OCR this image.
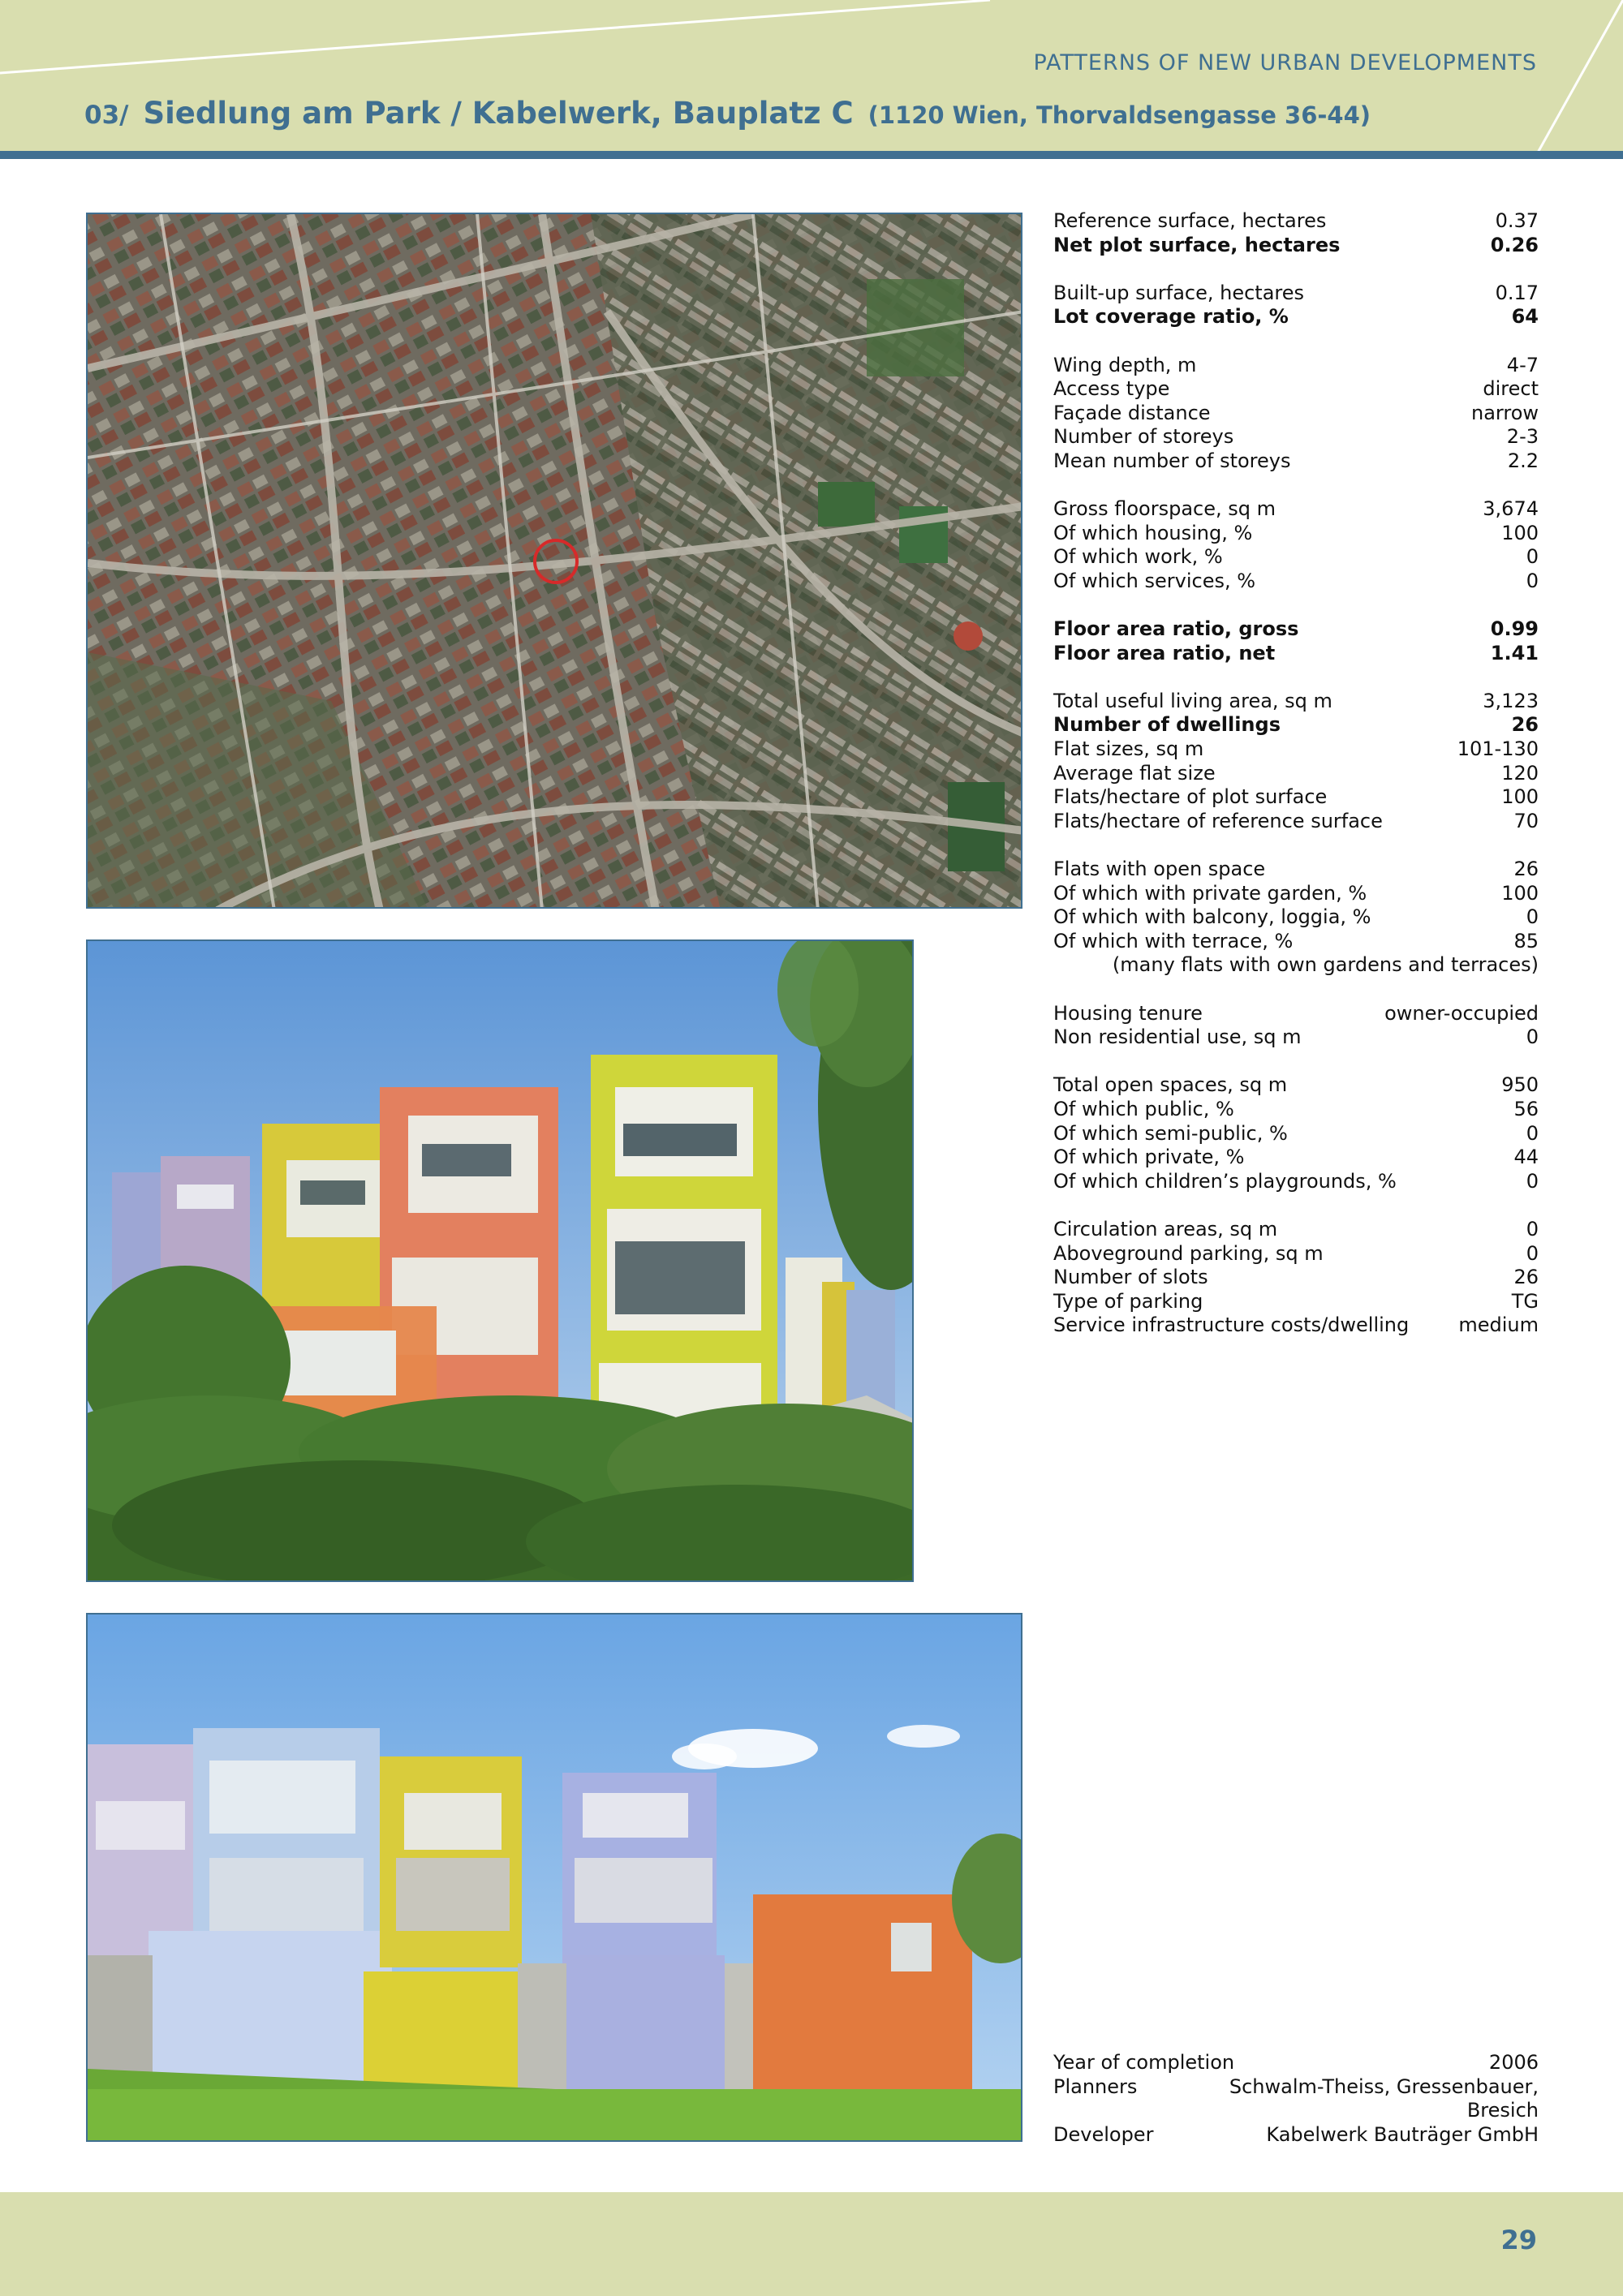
PATTERNS OF NEW URBAN DEVELOPMENTS
03/ Siedlung am Park / Kabelwerk, Bauplatz C (1120 Wien, Thorvaldsengasse 36-44)
Reference surface, hectares	0.37
Net plot surface, hectares	0.26
Built-up surface, hectares	0.17
Lot coverage ratio, %	64
Wing depth, m	4-7
Access type	direct
Façade distance	narrow
Number of storeys	2-3
Mean number of storeys	2.2
Gross floorspace, sq m	3,674
Of which housing, %	100
Of which work, %	0
Of which services, %	0
Floor area ratio, gross	0.99
Floor area ratio, net	1.41
Total useful living area, sq m	3,123
Number of dwellings	26
Flat sizes, sq m	101-130
Average flat size	120
Flats/hectare of plot surface	100
Flats/hectare of reference surface	70
Flats with open space	26
Of which with private garden, %	100
Of which with balcony, loggia, %	0
Of which with terrace, %	85
(many flats with own gardens and terraces)
Housing tenure	owner-occupied
Non residential use, sq m	0
Total open spaces, sq m	950
Of which public, %	56
Of which semi-public, %	0
Of which private, %	44
Of which children’s playgrounds, %	0
Circulation areas, sq m	0
Aboveground parking, sq m	0
Number of slots	26
Type of parking	TG
Service infrastructure costs/dwelling	medium
Year of completion	2006
Planners	Schwalm-Theiss, Gressenbauer, Bresich
Developer	Kabelwerk Bauträger GmbH
29
